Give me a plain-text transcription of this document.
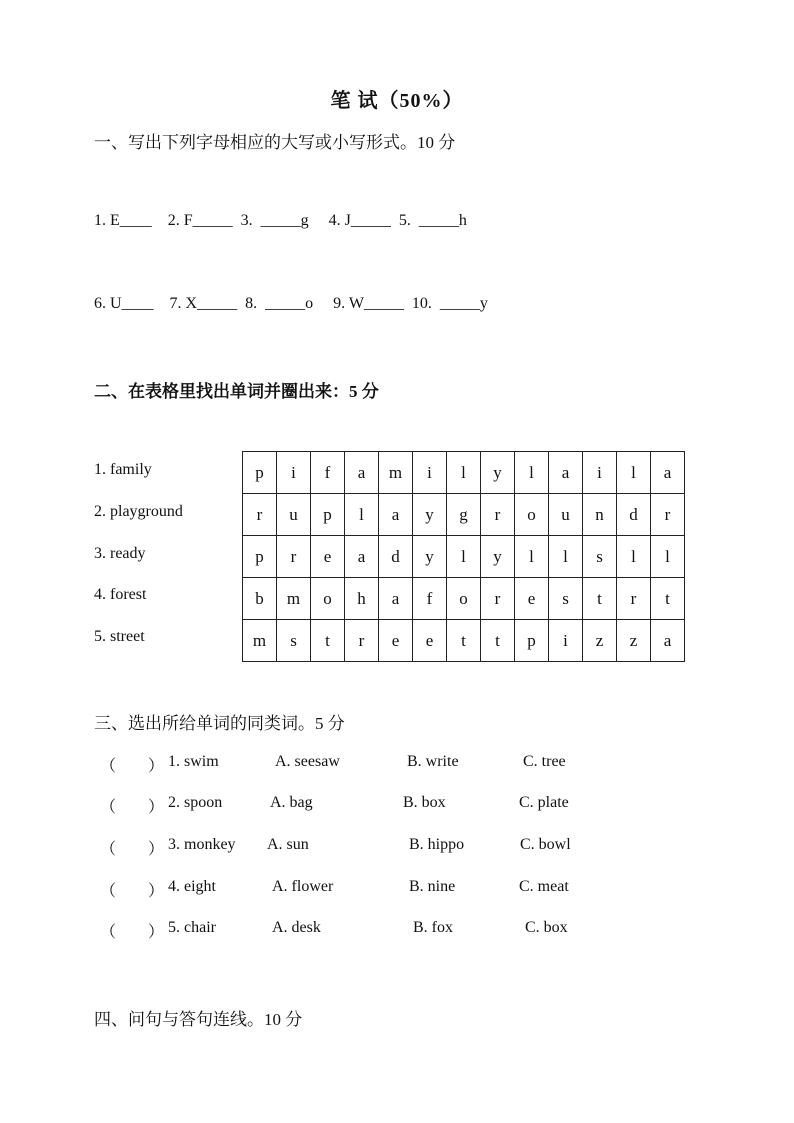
笔 试（50%）
一、写出下列字母相应的大写或小写形式。10 分
1. E____    2. F_____  3.  _____g     4. J_____  5.  _____h
6. U____    7. X_____  8.  _____o     9. W_____  10.  _____y
二、在表格里找出单词并圈出来：5 分
1. family
2. playground
3. ready
4. forest
5. street
p	i	f	a	m	i	l	y	l	a	i	l	a
r	u	p	l	a	y	g	r	o	u	n	d	r
p	r	e	a	d	y	l	y	l	l	s	l	l
b	m	o	h	a	f	o	r	e	s	t	r	t
m	s	t	r	e	e	t	t	p	i	z	z	a
三、选出所给单词的同类词。5 分
（        ） 1. swim	A. seesaw	B. write	C. tree
（        ） 2. spoon	A. bag	B. box	C. plate
（        ） 3. monkey A. sun	B. hippo	C. bowl
（        ） 4. eight	A. flower	B. nine	C. meat
（        ） 5. chair	A. desk	B. fox	C. box
四、问句与答句连线。10 分
